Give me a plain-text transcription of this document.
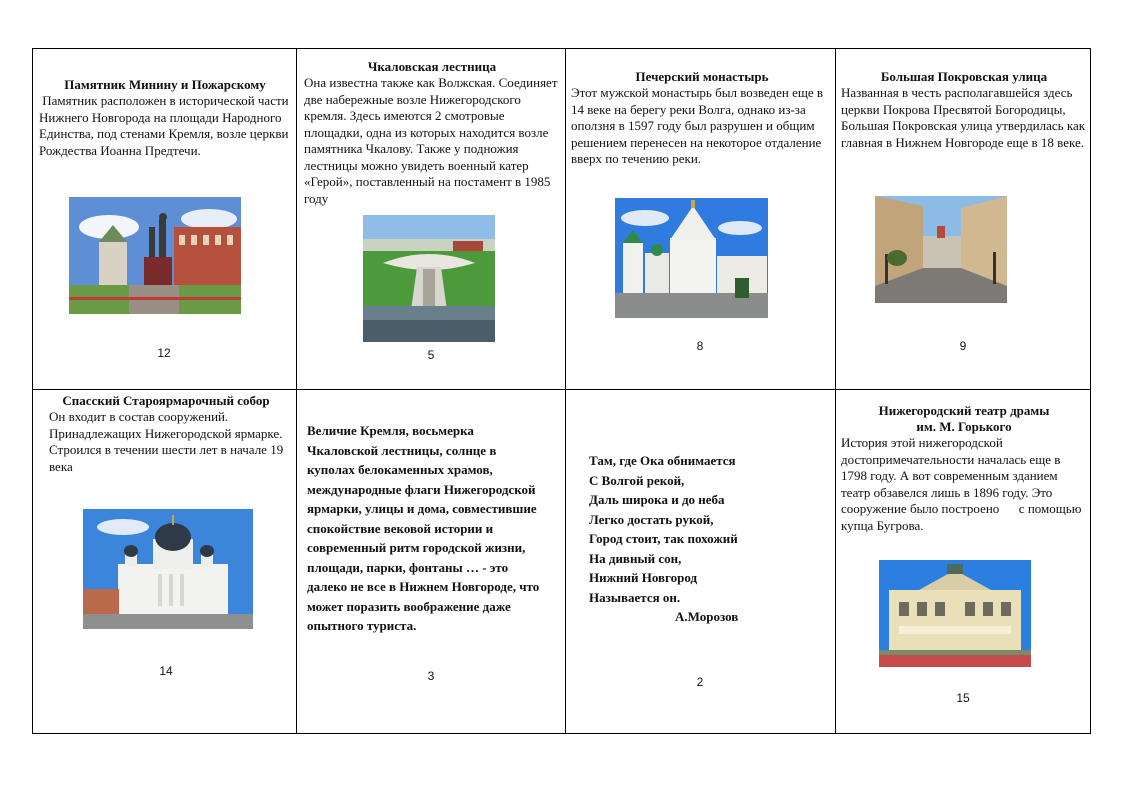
Памятник Минину и Пожарскому
Памятник расположен в исторической части Нижнего Новгорода на площади Народного Единства, под стенами Кремля, возле церкви Рождества Иоанна Предтечи.
12
Чкаловская лестница
Она известна также как Волжская. Соединяет две набережные возле Нижегородского кремля. Здесь имеются 2 смотровые площадки, одна из которых находится возле памятника Чкалову. Также у подножия лестницы можно увидеть военный катер «Герой», поставленный на постамент в 1985 году
5
Печерский монастырь
Этот мужской монастырь был возведен еще в 14 веке на берегу реки Волга, однако из-за оползня в 1597 году был разрушен и общим решением перенесен на некоторое отдаление вверх по течению реки.
8
Большая Покровская улица
Названная в честь располагавшейся здесь церкви Покрова Пресвятой Богородицы, Большая Покровская улица утвердилась как главная в Нижнем Новгороде еще в 18 веке.
9
Спасский Староярмарочный собор
Он входит в состав сооружений. Принадлежащих Нижегородской ярмарке. Строился в течении шести лет в начале 19 века
14
Величие Кремля, восьмерка Чкаловской лестницы, солнце в куполах белокаменных храмов, международные флаги Нижегородской ярмарки, улицы и дома, совместившие спокойствие вековой истории и современный ритм городской жизни, площади, парки, фонтаны … - это далеко не все в Нижнем Новгороде, что может поразить воображение даже опытного туриста.
3
Там, где Ока обнимается
С Волгой рекой,
Даль широка и до неба
Легко достать рукой,
Город стоит, так похожий
На дивный сон,
Нижний Новгород
Называется он.
А.Морозов
2
Нижегородский театр драмы
им. М. Горького
История этой нижегородской достопримечательности началась еще в 1798 году. А вот современным зданием театр обзавелся лишь в 1896 году. Это сооружение было построено      с помощью купца Бугрова.
15
